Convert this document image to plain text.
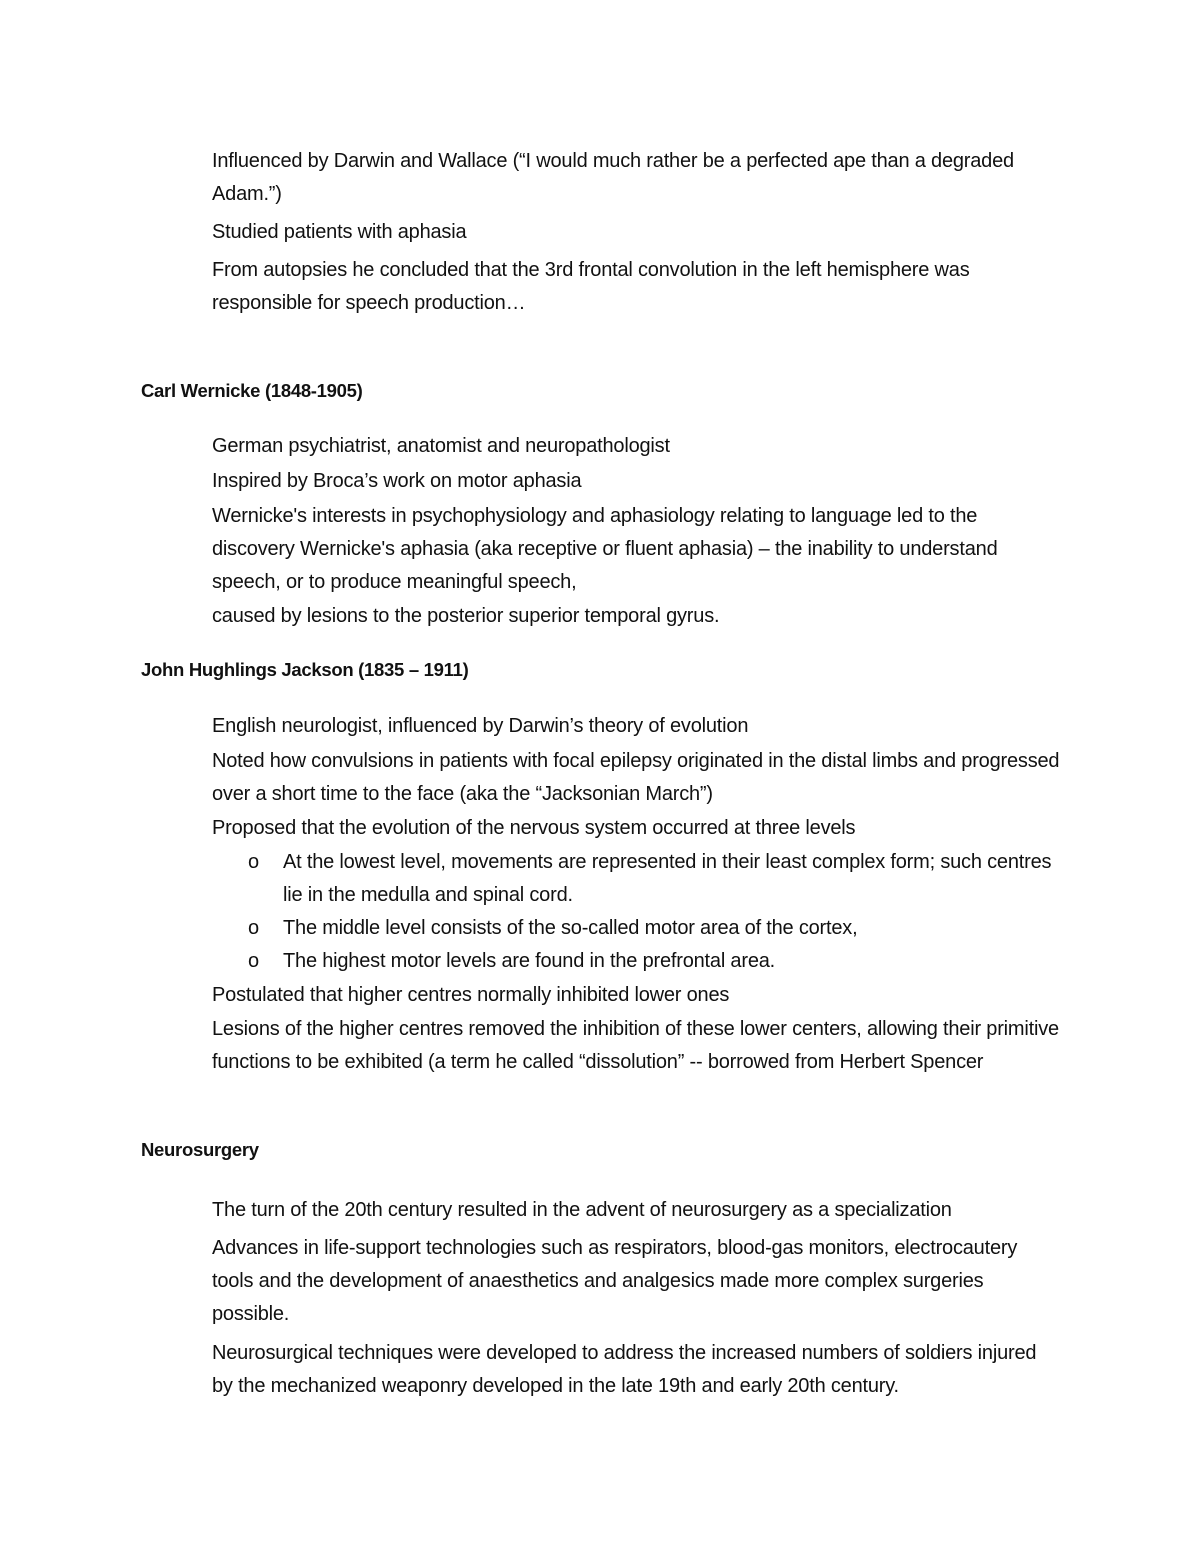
Influenced by Darwin and Wallace (“I would much rather be a perfected ape than a degraded Adam.”)

Studied patients with aphasia

From autopsies he concluded that the 3rd frontal convolution in the left hemisphere was responsible for speech production…

Carl Wernicke (1848-1905)

German psychiatrist, anatomist and neuropathologist

Inspired by Broca’s work on motor aphasia

Wernicke's interests in psychophysiology and aphasiology relating to language led to the discovery Wernicke's aphasia (aka receptive or fluent aphasia) – the inability to understand speech, or to produce meaningful speech,

caused by lesions to the posterior superior temporal gyrus.

John Hughlings Jackson (1835 – 1911)

English neurologist, influenced by Darwin’s theory of evolution

Noted how convulsions in patients with focal epilepsy originated in the distal limbs and progressed over a short time to the face (aka the “Jacksonian March”)

Proposed that the evolution of the nervous system occurred at three levels

o At the lowest level, movements are represented in their least complex form; such centres lie in the medulla and spinal cord.
o The middle level consists of the so-called motor area of the cortex,
o The highest motor levels are found in the prefrontal area.

Postulated that higher centres normally inhibited lower ones

Lesions of the higher centres removed the inhibition of these lower centers, allowing their primitive functions to be exhibited (a term he called “dissolution” -- borrowed from Herbert Spencer

Neurosurgery

The turn of the 20th century resulted in the advent of neurosurgery as a specialization

Advances in life-support technologies such as respirators, blood-gas monitors, electrocautery tools and the development of anaesthetics and analgesics made more complex surgeries possible.

Neurosurgical techniques were developed to address the increased numbers of soldiers injured by the mechanized weaponry developed in the late 19th and early 20th century.
